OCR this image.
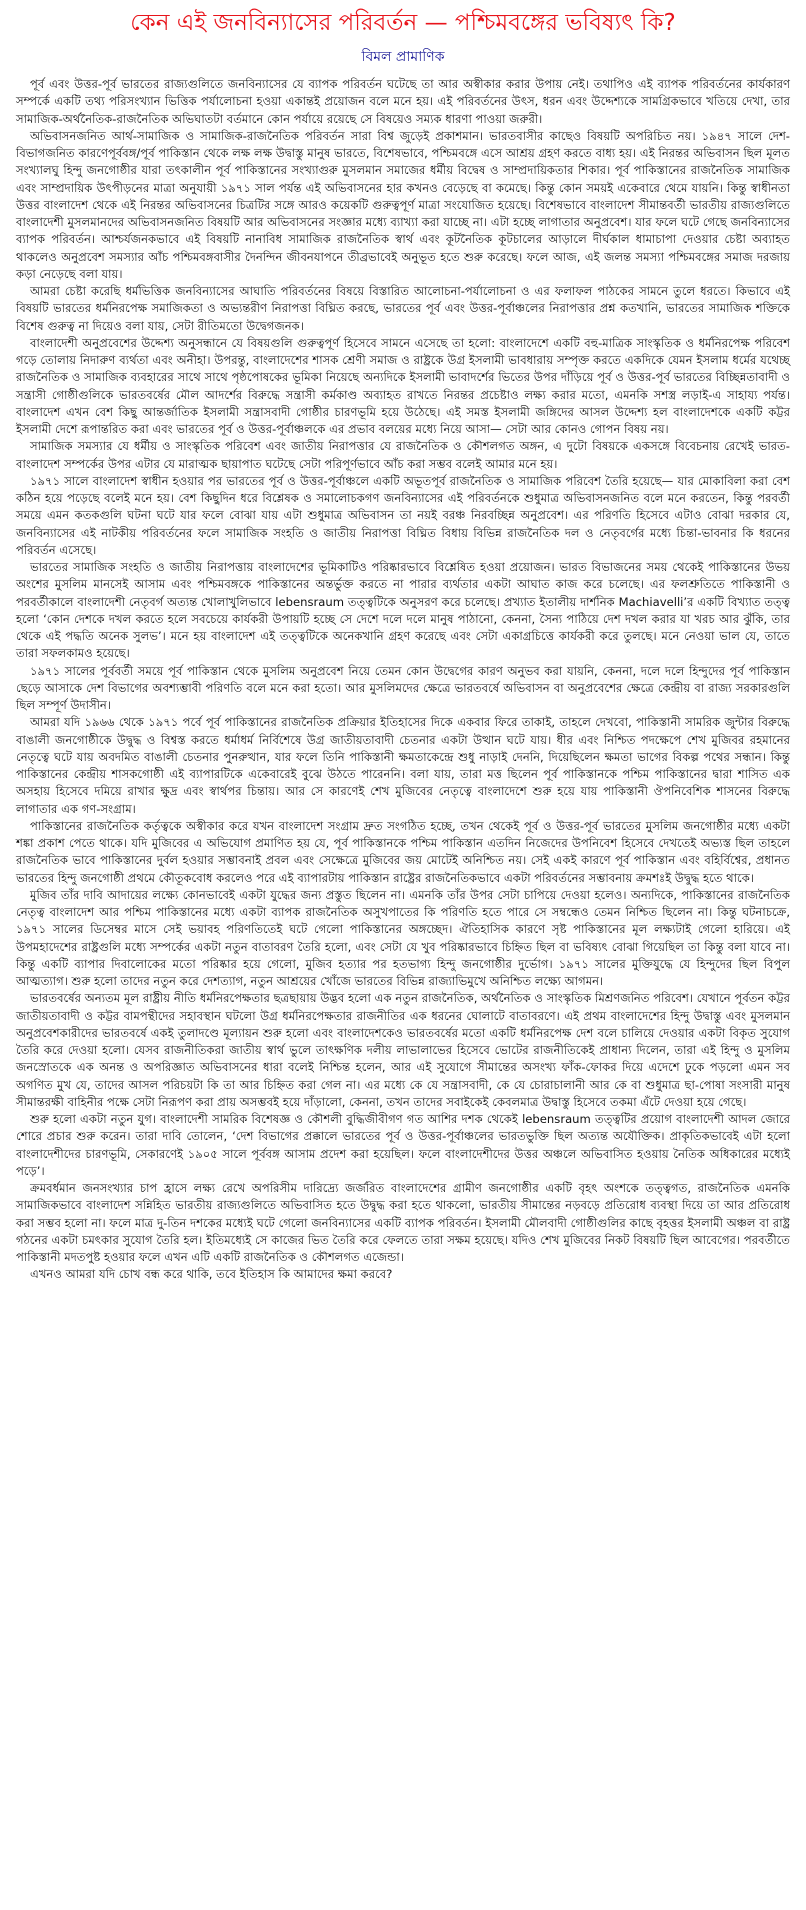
কেন এই জনবিন্যাসের পরিবর্তন — পশ্চিমবঙ্গের ভবিষ্যৎ কি?
বিমল প্রামাণিক

পূর্ব এবং উত্তর-পূর্ব ভারতের রাজ্যগুলিতে জনবিন্যাসের যে ব্যাপক পরিবর্তন ঘটেছে তা আর অস্বীকার করার উপায় নেই। তথাপিও এই ব্যাপক পরিবর্তনের কার্যকারণ সম্পর্কে একটি তথ্য পরিসংখ্যান ভিত্তিক পর্যালোচনা হওয়া একান্তই প্রয়োজন বলে মনে হয়। এই পরিবর্তনের উৎস, ধরন এবং উদ্দেশ্যকে সামগ্রিকভাবে খতিয়ে দেখা, তার সামাজিক-অর্থনৈতিক-রাজনৈতিক অভিঘাতটা বর্তমানে কোন পর্যায়ে রয়েছে সে বিষয়েও সম্যক ধারণা পাওয়া জরুরী।

অভিবাসনজনিত আর্থ-সামাজিক ও সামাজিক-রাজনৈতিক পরিবর্তন সারা বিশ্ব জুড়েই প্রকাশমান। ভারতবাসীর কাছেও বিষয়টি অপরিচিত নয়। ১৯৪৭ সালে দেশ-বিভাগজনিত কারণেপূর্ববঙ্গ/পূর্ব পাকিস্তান থেকে লক্ষ লক্ষ উদ্বাস্তু মানুষ ভারতে, বিশেষভাবে, পশ্চিমবঙ্গে এসে আশ্রয় গ্রহণ করতে বাধ্য হয়। এই নিরন্তর অভিবাসন ছিল মূলত সংখ্যালঘু হিন্দু জনগোষ্ঠীর যারা তৎকালীন পূর্ব পাকিস্তানের সংখ্যাগুরু মুসলমান সমাজের ধর্মীয় বিদ্বেষ ও সাম্প্রদায়িকতার শিকার। পূর্ব পাকিস্তানের রাজনৈতিক সামাজিক এবং সাম্প্রদায়িক উৎপীড়নের মাত্রা অনুযায়ী ১৯৭১ সাল পর্যন্ত এই অভিবাসনের হার কখনও বেড়েছে বা কমেছে। কিন্তু কোন সময়ই একেবারে থেমে যায়নি। কিন্তু স্বাধীনতা উত্তর বাংলাদেশ থেকে এই নিরন্তর অভিবাসনের চিত্রটির সঙ্গে আরও কয়েকটি গুরুত্বপূর্ণ মাত্রা সংযোজিত হয়েছে। বিশেষভাবে বাংলাদেশ সীমান্তবর্তী ভারতীয় রাজ্যগুলিতে বাংলাদেশী মুসলমানদের অভিবাসনজনিত বিষয়টি আর অভিবাসনের সংজ্ঞার মধ্যে ব্যাখ্যা করা যাচ্ছে না। এটা হচ্ছে লাগাতার অনুপ্রবেশ। যার ফলে ঘটে গেছে জনবিন্যাসের ব্যাপক পরিবর্তন। আশ্চর্যজনকভাবে এই বিষয়টি নানাবিধ সামাজিক রাজনৈতিক স্বার্থ এবং কূটনৈতিক কূটচালের আড়ালে দীর্ঘকাল ধামাচাপা দেওয়ার চেষ্টা অব্যাহত থাকলেও অনুপ্রবেশ সমস্যার আঁচ পশ্চিমবঙ্গবাসীর দৈনন্দিন জীবনযাপনে তীব্রভাবেই অনুভূত হতে শুরু করেছে। ফলে আজ, এই জলন্ত সমস্যা পশ্চিমবঙ্গের সমাজ দরজায় কড়া নেড়েছে বলা যায়।

আমরা চেষ্টা করেছি ধর্মভিত্তিক জনবিন্যাসের আঘাতি পরিবর্তনের বিষয়ে বিস্তারিত আলোচনা-পর্যালোচনা ও এর ফলাফল পাঠকের সামনে তুলে ধরতে। কিভাবে এই বিষয়টি ভারতের ধর্মনিরপেক্ষ সমাজিকতা ও অভ্যন্তরীণ নিরাপত্তা বিঘ্নিত করছে, ভারতের পূর্ব এবং উত্তর-পূর্বাঞ্চলের নিরাপত্তার প্রশ্ন কতখানি, ভারতের সামাজিক শক্তিকে বিশেষ গুরুত্ব না দিয়েও বলা যায়, সেটা রীতিমতো উদ্বেগজনক।

বাংলাদেশী অনুপ্রবেশের উদ্দেশ্য অনুসন্ধানে যে বিষয়গুলি গুরুত্বপূর্ণ হিসেবে সামনে এসেছে তা হলো: বাংলাদেশে একটি বহু-মাত্রিক সাংস্কৃতিক ও ধর্মনিরপেক্ষ পরিবেশ গড়ে তোলায় নিদারুণ ব্যর্থতা এবং অনীহা। উপরন্তু, বাংলাদেশের শাসক শ্রেণী সমাজ ও রাষ্ট্রকে উগ্র ইসলামী ভাবধারায় সম্পৃক্ত করতে একদিকে যেমন ইসলাম ধর্মের যথেচ্ছ রাজনৈতিক ও সামাজিক ব্যবহারের সাথে সাথে পৃষ্ঠপোষকের ভূমিকা নিয়েছে অন্যদিকে ইসলামী ভাবাদর্শের ভিতের উপর দাঁড়িয়ে পূর্ব ও উত্তর-পূর্ব ভারতের বিচ্ছিন্নতাবাদী ও সন্ত্রাসী গোষ্ঠীগুলিকে ভারতবর্ষের মৌল আদর্শের বিরুদ্ধে সন্ত্রাসী কর্মকাণ্ড অব্যাহত রাখতে নিরন্তর প্রচেষ্টাও লক্ষ্য করার মতো, এমনকি সশস্ত্র লড়াই-এ সাহায্য পর্যন্ত। বাংলাদেশ এখন বেশ কিছু আন্তর্জাতিক ইসলামী সন্ত্রাসবাদী গোষ্ঠীর চারণভূমি হয়ে উঠেছে। এই সমস্ত ইসলামী জঙ্গিদের আসল উদ্দেশ্য হল বাংলাদেশকে একটি কট্টর ইসলামী দেশে রূপান্তরিত করা এবং ভারতের পূর্ব ও উত্তর-পূর্বাঞ্চলকে এর প্রভাব বলয়ের মধ্যে নিয়ে আসা— সেটা আর কোনও গোপন বিষয় নয়।

সামাজিক সমস্যার যে ধর্মীয় ও সাংস্কৃতিক পরিবেশ এবং জাতীয় নিরাপত্তার যে রাজনৈতিক ও কৌশলগত অঙ্গন, এ দুটো বিষয়কে একসঙ্গে বিবেচনায় রেখেই ভারত-বাংলাদেশ সম্পর্কের উপর এটার যে মারাত্মক ছায়াপাত ঘটেছে সেটা পরিপূর্ণভাবে আঁচ করা সম্ভব বলেই আমার মনে হয়।

১৯৭১ সালে বাংলাদেশ স্বাধীন হওয়ার পর ভারতের পূর্ব ও উত্তর-পূর্বাঞ্চলে একটি অভূতপূর্ব রাজনৈতিক ও সামাজিক পরিবেশ তৈরি হয়েছে— যার মোকাবিলা করা বেশ কঠিন হয়ে পড়েছে বলেই মনে হয়। বেশ কিছুদিন ধরে বিশ্লেষক ও সমালোচকগণ জনবিন্যাসের এই পরিবর্তনকে শুধুমাত্র অভিবাসনজনিত বলে মনে করতেন, কিন্তু পরবর্তী সময়ে এমন কতকগুলি ঘটনা ঘটে যার ফলে বোঝা যায় এটা শুধুমাত্র অভিবাসন তা নয়ই বরঞ্চ নিরবচ্ছিন্ন অনুপ্রবেশ। এর পরিণতি হিসেবে এটাও বোঝা দরকার যে, জনবিন্যাসের এই নাটকীয় পরিবর্তনের ফলে সামাজিক সংহতি ও জাতীয় নিরাপত্তা বিঘ্নিত বিধায় বিভিন্ন রাজনৈতিক দল ও নেতৃবর্গের মধ্যে চিন্তা-ভাবনার কি ধরনের পরিবর্তন এসেছে।

ভারতের সামাজিক সংহতি ও জাতীয় নিরাপত্তায় বাংলাদেশের ভূমিকাটিও পরিষ্কারভাবে বিশ্লেষিত হওয়া প্রয়োজন। ভারত বিভাজনের সময় থেকেই পাকিস্তানের উভয় অংশের মুসলিম মানসেই আসাম এবং পশ্চিমবঙ্গকে পাকিস্তানের অন্তর্ভুক্ত করতে না পারার ব্যর্থতার একটা আঘাত কাজ করে চলেছে। এর ফলশ্রুতিতে পাকিস্তানী ও পরবর্তীকালে বাংলাদেশী নেতৃবর্গ অত্যন্ত খোলাখুলিভাবে lebensraum তত্ত্বটিকে অনুসরণ করে চলেছে। প্রখ্যাত ইতালীয় দার্শনিক Machiavelli’র একটি বিখ্যাত তত্ত্ব হলো ‘কোন দেশকে দখল করতে হলে সবচেয়ে কার্যকরী উপায়টি হচ্ছে সে দেশে দলে দলে মানুষ পাঠানো, কেননা, সৈন্য পাঠিয়ে দেশ দখল করার যা খরচ আর ঝুঁকি, তার থেকে এই পদ্ধতি অনেক সুলভ’। মনে হয় বাংলাদেশ এই তত্ত্বটিকে অনেকখানি গ্রহণ করেছে এবং সেটা একাগ্রচিত্তে কার্যকরী করে তুলছে। মনে নেওয়া ভাল যে, তাতে তারা সফলকামও হয়েছে।

১৯৭১ সালের পূর্ববর্তী সময়ে পূর্ব পাকিস্তান থেকে মুসলিম অনুপ্রবেশ নিয়ে তেমন কোন উদ্বেগের কারণ অনুভব করা যায়নি, কেননা, দলে দলে হিন্দুদের পূর্ব পাকিস্তান ছেড়ে আসাকে দেশ বিভাগের অবশ্যম্ভাবী পরিণতি বলে মনে করা হতো। আর মুসলিমদের ক্ষেত্রে ভারতবর্ষে অভিবাসন বা অনুপ্রবেশের ক্ষেত্রে কেন্দ্রীয় বা রাজ্য সরকারগুলি ছিল সম্পূর্ণ উদাসীন।

আমরা যদি ১৯৬৬ থেকে ১৯৭১ পর্বে পূর্ব পাকিস্তানের রাজনৈতিক প্রক্রিয়ার ইতিহাসের দিকে একবার ফিরে তাকাই, তাহলে দেখবো, পাকিস্তানী সামরিক জুন্টার বিরুদ্ধে বাঙালী জনগোষ্ঠীকে উদ্বুদ্ধ ও বিশ্বস্ত করতে ধর্মাধর্ম নির্বিশেষে উগ্র জাতীয়তাবাদী চেতনার একটা উত্থান ঘটে যায়। ধীর এবং নিশ্চিত পদক্ষেপে শেখ মুজিবর রহমানের নেতৃত্বে ঘটে যায় অবদমিত বাঙালী চেতনার পুনরুত্থান, যার ফলে তিনি পাকিস্তানী ক্ষমতাকেন্দ্রে শুধু নাড়াই দেননি, দিয়েছিলেন ক্ষমতা ভাগের বিকল্প পথের সন্ধান। কিন্তু পাকিস্তানের কেন্দ্রীয় শাসকগোষ্ঠী এই ব্যাপারটিকে একেবারেই বুঝে উঠতে পারেননি। বলা যায়, তারা মত্ত ছিলেন পূর্ব পাকিস্তানকে পশ্চিম পাকিস্তানের দ্বারা শাসিত এক অসহায় হিসেবে দমিয়ে রাখার ক্ষুদ্র এবং স্বার্থপর চিন্তায়। আর সে কারণেই শেখ মুজিবের নেতৃত্বে বাংলাদেশে শুরু হয়ে যায় পাকিস্তানী ঔপনিবেশিক শাসনের বিরুদ্ধে লাগাতার এক গণ-সংগ্রাম।

পাকিস্তানের রাজনৈতিক কর্তৃত্বকে অস্বীকার করে যখন বাংলাদেশ সংগ্রাম দ্রুত সংগঠিত হচ্ছে, তখন থেকেই পূর্ব ও উত্তর-পূর্ব ভারতের মুসলিম জনগোষ্ঠীর মধ্যে একটা শঙ্কা প্রকাশ পেতে থাকে। যদি মুজিবের এ অভিযোগ প্রমাণিত হয় যে, পূর্ব পাকিস্তানকে পশ্চিম পাকিস্তান এতদিন নিজেদের উপনিবেশ হিসেবে দেখতেই অভ্যস্ত ছিল তাহলে রাজনৈতিক ভাবে পাকিস্তানের দুর্বল হওয়ার সম্ভাবনাই প্রবল এবং সেক্ষেত্রে মুজিবের জয় মোটেই অনিশ্চিত নয়। সেই একই কারণে পূর্ব পাকিস্তান এবং বহির্বিশ্বের, প্রধানত ভারতের হিন্দু জনগোষ্ঠী প্রথমে কৌতূকবোধ করলেও পরে এই ব্যাপারটায় পাকিস্তান রাষ্ট্রের রাজনৈতিকভাবে একটা পরিবর্তনের সম্ভাবনায় ক্রমশঃই উদ্বুদ্ধ হতে থাকে।

মুজিব তাঁর দাবি আদায়ের লক্ষ্যে কোনভাবেই একটা যুদ্ধের জন্য প্রস্তুত ছিলেন না। এমনকি তাঁর উপর সেটা চাপিয়ে দেওয়া হলেও। অন্যদিকে, পাকিস্তানের রাজনৈতিক নেতৃত্ব বাংলাদেশ আর পশ্চিম পাকিস্তানের মধ্যে একটা ব্যাপক রাজনৈতিক অসুখপাতের কি পরিণতি হতে পারে সে সম্বন্ধেও তেমন নিশ্চিত ছিলেন না। কিন্তু ঘটনাচক্রে, ১৯৭১ সালের ডিসেম্বর মাসে সেই ভয়াবহ পরিণতিতেই ঘটে গেলো পাকিস্তানের অঙ্গচ্ছেদ। ঐতিহাসিক কারণে সৃষ্ট পাকিস্তানের মূল লক্ষ্যটাই গেলো হারিয়ে। এই উপমহাদেশের রাষ্ট্রগুলি মধ্যে সম্পর্কের একটা নতুন বাতাবরণ তৈরি হলো, এবং সেটা যে খুব পরিষ্কারভাবে চিহ্নিত ছিল বা ভবিষ্যৎ বোঝা গিয়েছিল তা কিন্তু বলা যাবে না। কিন্তু একটি ব্যাপার দিবালোকের মতো পরিষ্কার হয়ে গেলো, মুজিব হত্যার পর হতভাগ্য হিন্দু জনগোষ্ঠীর দুর্ভোগ। ১৯৭১ সালের মুক্তিযুদ্ধে যে হিন্দুদের ছিল বিপুল আত্মত্যাগ। শুরু হলো তাদের নতুন করে দেশত্যাগ, নতুন আশ্রয়ের খোঁজে ভারতের বিভিন্ন রাজ্যাভিমুখে অনিশ্চিত লক্ষ্যে আগমন।

ভারতবর্ষের অন্যতম মূল রাষ্ট্রীয় নীতি ধর্মনিরপেক্ষতার ছত্রছায়ায় উদ্ভব হলো এক নতুন রাজনৈতিক, অর্থনৈতিক ও সাংস্কৃতিক মিশ্রণজনিত পরিবেশ। যেখানে পূর্বতন কট্টর জাতীয়তাবাদী ও কট্টর বামপন্থীদের সহাবস্থান ঘটলো উগ্র ধর্মনিরপেক্ষতার রাজনীতির এক ধরনের ঘোলাটে বাতাবরণে। এই প্রথম বাংলাদেশের হিন্দু উদ্বাস্তু এবং মুসলমান অনুপ্রবেশকারীদের ভারতবর্ষে একই তুলাদণ্ডে মূল্যায়ন শুরু হলো এবং বাংলাদেশকেও ভারতবর্ষের মতো একটি ধর্মনিরপেক্ষ দেশ বলে চালিয়ে দেওয়ার একটা বিকৃত সুযোগ তৈরি করে দেওয়া হলো। যেসব রাজনীতিকরা জাতীয় স্বার্থ ভুলে তাৎক্ষণিক দলীয় লাভালাভের হিসেবে ভোটের রাজনীতিকেই প্রাধান্য দিলেন, তারা এই হিন্দু ও মুসলিম জনস্রোতকে এক অনন্ত ও অপরিজ্ঞাত অভিবাসনের ধারা বলেই নিশ্চিন্ত হলেন, আর এই সুযোগে সীমান্তের অসংখ্য ফাঁক-ফোকর দিয়ে এদেশে ঢুকে পড়লো এমন সব অগণিত মুখ যে, তাদের আসল পরিচয়টা কি তা আর চিহ্নিত করা গেল না। এর মধ্যে কে যে সন্ত্রাসবাদী, কে যে চোরাচালানী আর কে বা শুধুমাত্র ছা-পোষা সংসারী মানুষ সীমান্তরক্ষী বাহিনীর পক্ষে সেটা নিরূপণ করা প্রায় অসম্ভবই হয়ে দাঁড়ালো, কেননা, তখন তাদের সবাইকেই কেবলমাত্র উদ্বাস্তু হিসেবে তকমা এঁটে দেওয়া হয়ে গেছে।

শুরু হলো একটা নতুন যুগ। বাংলাদেশী সামরিক বিশেষজ্ঞ ও কৌশলী বুদ্ধিজীবীগণ গত আশির দশক থেকেই lebensraum তত্ত্বটির প্রয়োগ বাংলাদেশী আদল জোরে শোরে প্রচার শুরু করেন। তারা দাবি তোলেন, ‘দেশ বিভাগের প্রক্কালে ভারতের পূর্ব ও উত্তর-পূর্বাঞ্চলের ভারতভুক্তি ছিল অত্যন্ত অযৌক্তিক। প্রাকৃতিকভাবেই এটা হলো বাংলাদেশীদের চারণভূমি, সেকারণেই ১৯০৫ সালে পূর্ববঙ্গ আসাম প্রদেশ করা হয়েছিল। ফলে বাংলাদেশীদের উত্তর অঞ্চলে অভিবাসিত হওয়ায় নৈতিক অধিকারের মধ্যেই পড়ে’।

ক্রমবর্ধমান জনসংখ্যার চাপ হ্রাসে লক্ষ্য রেখে অপরিসীম দারিদ্র্যে জর্জরিত বাংলাদেশের গ্রামীণ জনগোষ্ঠীর একটি বৃহৎ অংশকে তত্ত্বগত, রাজনৈতিক এমনকি সামাজিকভাবে বাংলাদেশ সন্নিহিত ভারতীয় রাজ্যগুলিতে অভিবাসিত হতে উদ্বুদ্ধ করা হতে থাকলো, ভারতীয় সীমান্তের নড়বড়ে প্রতিরোধ ব্যবস্থা দিয়ে তা আর প্রতিরোধ করা সম্ভব হলো না। ফলে মাত্র দু-তিন দশকের মধ্যেই ঘটে গেলো জনবিন্যাসের একটি ব্যাপক পরিবর্তন। ইসলামী মৌলবাদী গোষ্ঠীগুলির কাছে বৃহত্তর ইসলামী অঞ্চল বা রাষ্ট্র গঠনের একটা চমৎকার সুযোগ তৈরি হল। ইতিমধ্যেই সে কাজের ভিত তৈরি করে ফেলতে তারা সক্ষম হয়েছে। যদিও শেখ মুজিবের নিকট বিষয়টি ছিল আবেগের। পরবর্তীতে পাকিস্তানী মদতপুষ্ট হওয়ার ফলে এখন এটি একটি রাজনৈতিক ও কৌশলগত এজেন্ডা।

এখনও আমরা যদি চোখ বন্ধ করে থাকি, তবে ইতিহাস কি আমাদের ক্ষমা করবে?
